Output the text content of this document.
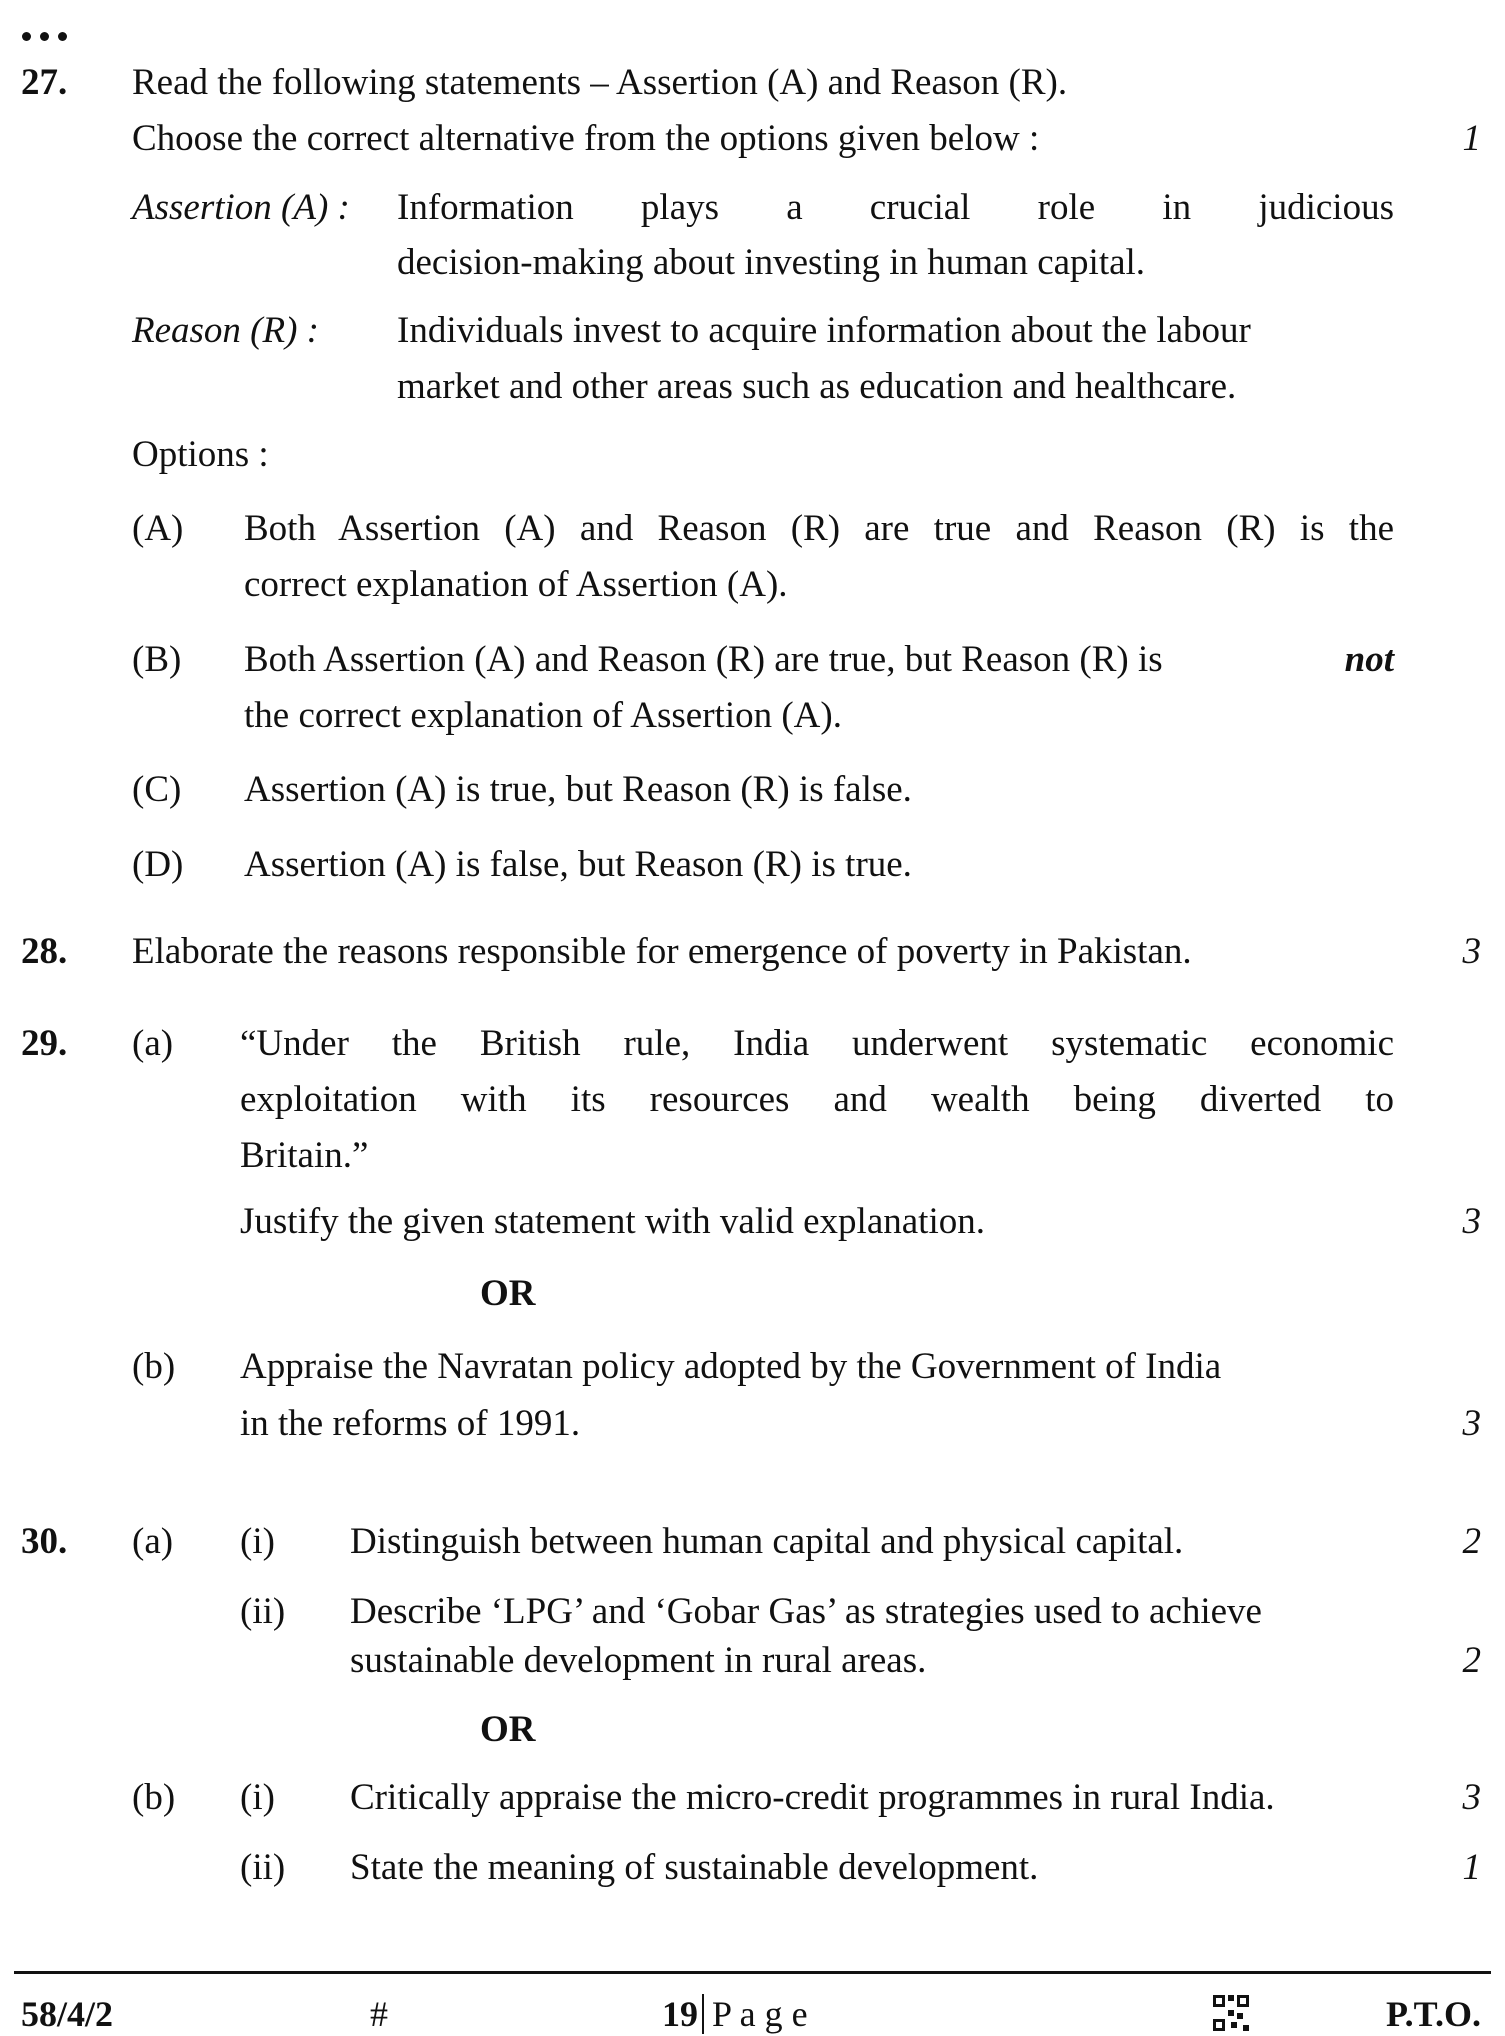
27. Read the following statements – Assertion (A) and Reason (R).
Choose the correct alternative from the options given below :	1
Assertion (A) : Information plays a crucial role in judicious
decision-making about investing in human capital.
Reason (R) : Individuals invest to acquire information about the labour
market and other areas such as education and healthcare.
Options :
(A) Both Assertion (A) and Reason (R) are true and Reason (R) is the
correct explanation of Assertion (A).
(B) Both Assertion (A) and Reason (R) are true, but Reason (R) is	not
the correct explanation of Assertion (A).
(C) Assertion (A) is true, but Reason (R) is false.
(D) Assertion (A) is false, but Reason (R) is true.
28. Elaborate the reasons responsible for emergence of poverty in Pakistan.	3
29. (a) “Under the British rule, India underwent systematic economic
exploitation with its resources and wealth being diverted to
Britain.”
Justify the given statement with valid explanation.	3
OR
(b) Appraise the Navratan policy adopted by the Government of India
in the reforms of 1991.	3
30. (a) (i) Distinguish between human capital and physical capital.	2
(ii) Describe ‘LPG’ and ‘Gobar Gas’ as strategies used to achieve
sustainable development in rural areas.	2
OR
(b) (i) Critically appraise the micro-credit programmes in rural India.	3
(ii) State the meaning of sustainable development.	1
58/4/2	#	19 P a g e	P.T.O.
